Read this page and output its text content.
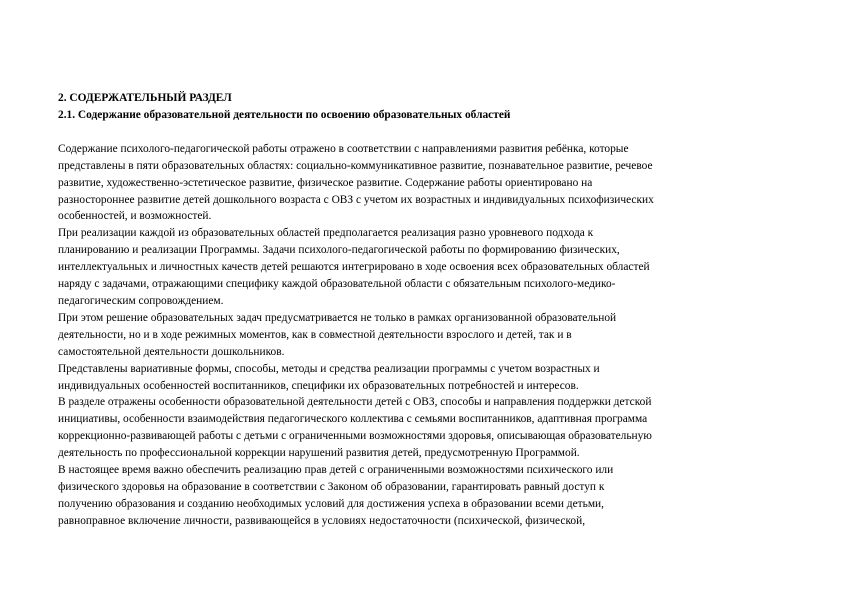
2. СОДЕРЖАТЕЛЬНЫЙ РАЗДЕЛ
2.1. Содержание образовательной деятельности по освоению образовательных областей
Содержание психолого-педагогической работы отражено в соответствии с направлениями развития ребёнка, которые
представлены в пяти образовательных областях: социально-коммуникативное развитие, познавательное развитие, речевое
развитие, художественно-эстетическое развитие, физическое развитие. Содержание работы ориентировано на
разностороннее развитие детей дошкольного возраста с ОВЗ с учетом их возрастных и индивидуальных психофизических
особенностей, и возможностей.
При реализации каждой из образовательных областей предполагается реализация разно уровневого подхода к
планированию и реализации Программы. Задачи психолого-педагогической работы по формированию физических,
интеллектуальных и личностных качеств детей решаются интегрировано в ходе освоения всех образовательных областей
наряду с задачами, отражающими специфику каждой образовательной области с обязательным психолого-медико-
педагогическим сопровождением.
При этом решение образовательных задач предусматривается не только в рамках организованной образовательной
деятельности, но и в ходе режимных моментов, как в совместной деятельности взрослого и детей, так и в
самостоятельной деятельности дошкольников.
Представлены вариативные формы, способы, методы и средства реализации программы с учетом возрастных и
индивидуальных особенностей воспитанников, специфики их образовательных потребностей и интересов.
В разделе отражены особенности образовательной деятельности детей с ОВЗ, способы и направления поддержки детской
инициативы, особенности взаимодействия педагогического коллектива с семьями воспитанников, адаптивная программа
коррекционно-развивающей работы с детьми с ограниченными возможностями здоровья, описывающая образовательную
деятельность по профессиональной коррекции нарушений развития детей, предусмотренную Программой.
В настоящее время важно обеспечить реализацию прав детей с ограниченными возможностями психического или
физического здоровья на образование в соответствии с Законом об образовании, гарантировать равный доступ к
получению образования и созданию необходимых условий для достижения успеха в образовании всеми детьми,
равноправное включение личности, развивающейся в условиях недостаточности (психической, физической,
